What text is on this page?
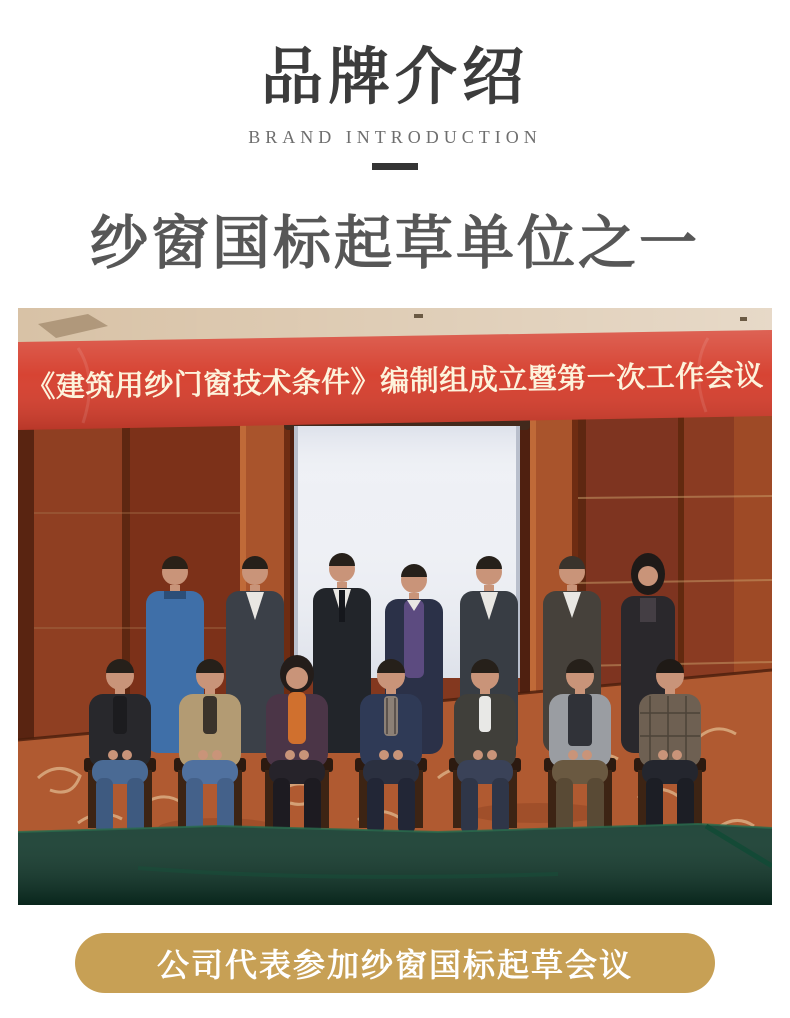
品牌介绍
BRAND INTRODUCTION
纱窗国标起草单位之一
《建筑用纱门窗技术条件》编制组成立暨第一次工作会议
公司代表参加纱窗国标起草会议
